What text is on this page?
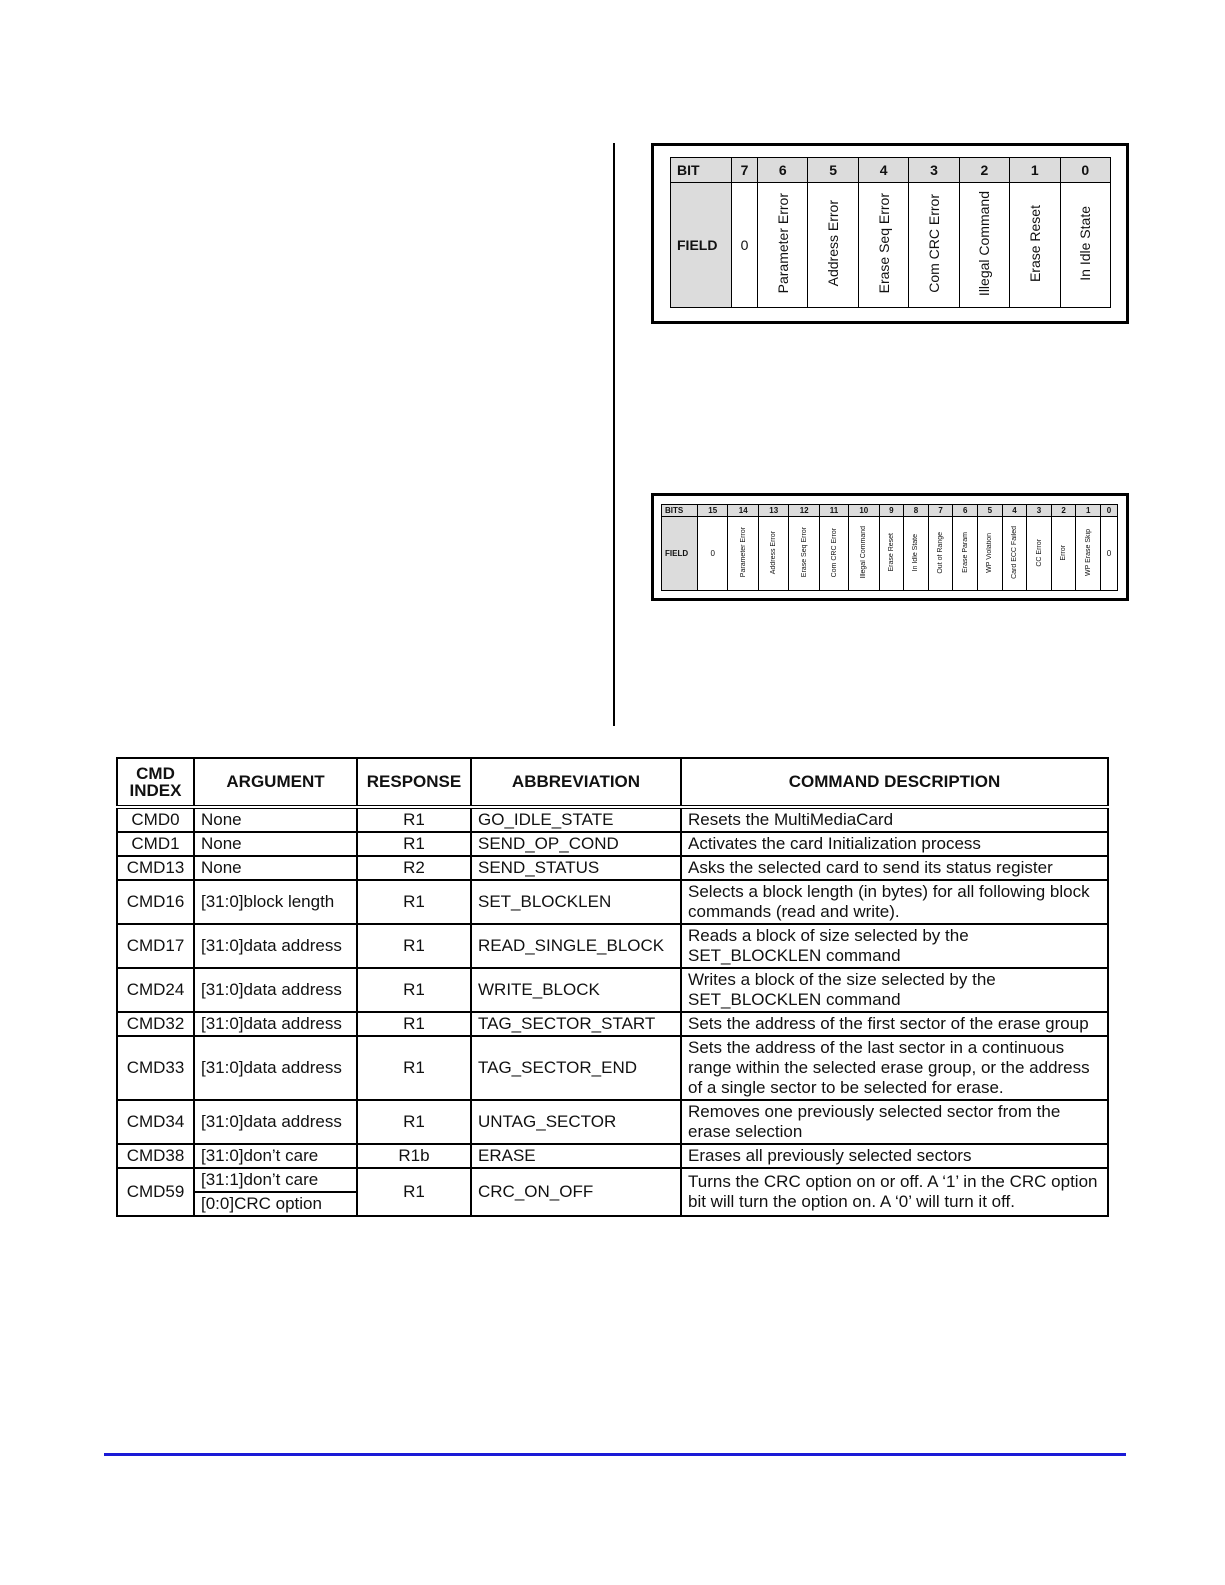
BIT	7	6	5	4	3	2	1	0
FIELD	0	Parameter Error	Address Error	Erase Seq Error	Com CRC Error	Illegal Command	Erase Reset	In Idle State
BITS	15	14	13	12	11	10	9	8	7	6	5	4	3	2	1	0
FIELD	0	Parameter Error	Address Error	Erase Seq Error	Com CRC Error	Illegal Command	Erase Reset	In Idle State	Out of Range	Erase Param	WP Violation	Card ECC Failed	CC Error	Error	WP Erase Skip	0
CMD
INDEX	ARGUMENT	RESPONSE	ABBREVIATION	COMMAND DESCRIPTION
CMD0	None	R1	GO_IDLE_STATE	Resets the MultiMediaCard
CMD1	None	R1	SEND_OP_COND	Activates the card Initialization process
CMD13	None	R2	SEND_STATUS	Asks the selected card to send its status register
CMD16	[31:0]block length	R1	SET_BLOCKLEN	Selects a block length (in bytes) for all following block commands (read and write).
CMD17	[31:0]data address	R1	READ_SINGLE_BLOCK	Reads a block of size selected by the SET_BLOCKLEN command
CMD24	[31:0]data address	R1	WRITE_BLOCK	Writes a block of the size selected by the SET_BLOCKLEN command
CMD32	[31:0]data address	R1	TAG_SECTOR_START	Sets the address of the first sector of the erase group
CMD33	[31:0]data address	R1	TAG_SECTOR_END	Sets the address of the last sector in a continuous range within the selected erase group, or the address of a single sector to be selected for erase.
CMD34	[31:0]data address	R1	UNTAG_SECTOR	Removes one previously selected sector from the erase selection
CMD38	[31:0]don’t care	R1b	ERASE	Erases all previously selected sectors
CMD59	[31:1]don’t care	R1	CRC_ON_OFF	Turns the CRC option on or off. A ‘1’ in the CRC option bit will turn the option on. A ‘0’ will turn it off.
	[0:0]CRC option			
